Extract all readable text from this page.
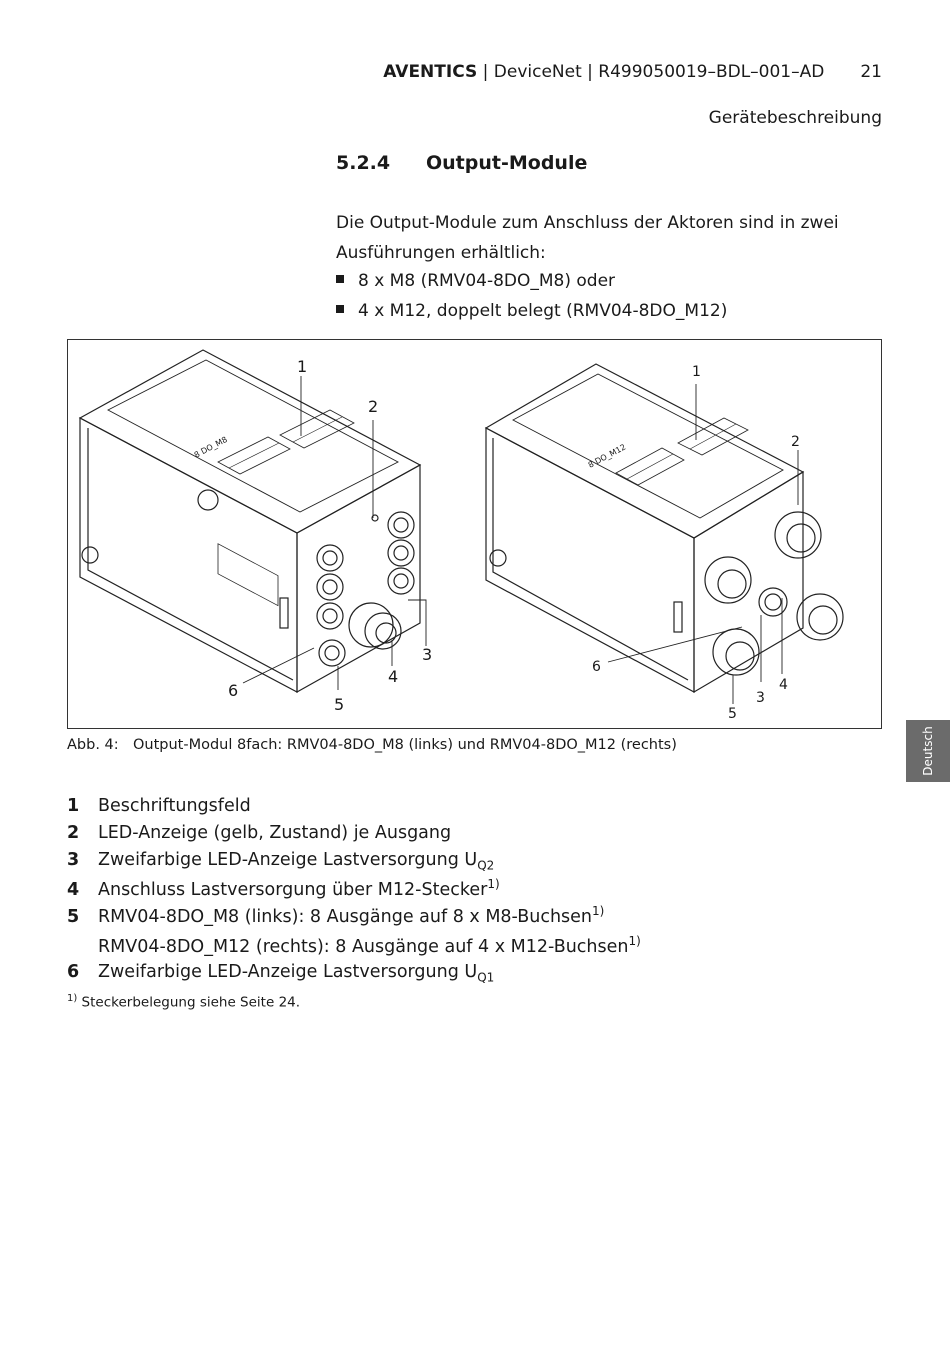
AVENTICS | DeviceNet | R499050019–BDL–001–AD 21
Gerätebeschreibung
5.2.4 Output-Module
Die Output-Module zum Anschluss der Aktoren sind in zwei Ausführungen erhältlich:
8 x M8 (RMV04-8DO_M8) oder
4 x M12, doppelt belegt (RMV04-8DO_M12)
8 DO_M8	8 DO_M12
1
2
3
4
5
6
1
2
3
4
5
6
Abb. 4: Output-Modul 8fach: RMV04-8DO_M8 (links) und RMV04-8DO_M12 (rechts)
1 Beschriftungsfeld
2 LED-Anzeige (gelb, Zustand) je Ausgang
3 Zweifarbige LED-Anzeige Lastversorgung $U_{Q2}$
4 Anschluss Lastversorgung über M12-Stecker$^{1)}$
5 RMV04-8DO_M8 (links): 8 Ausgänge auf 8 x M8-Buchsen$^{1)}$
RMV04-8DO_M12 (rechts): 8 Ausgänge auf 4 x M12-Buchsen$^{1)}$
6 Zweifarbige LED-Anzeige Lastversorgung $U_{Q1}$
$^{1)}$ Steckerbelegung siehe Seite 24.
Deutsch
